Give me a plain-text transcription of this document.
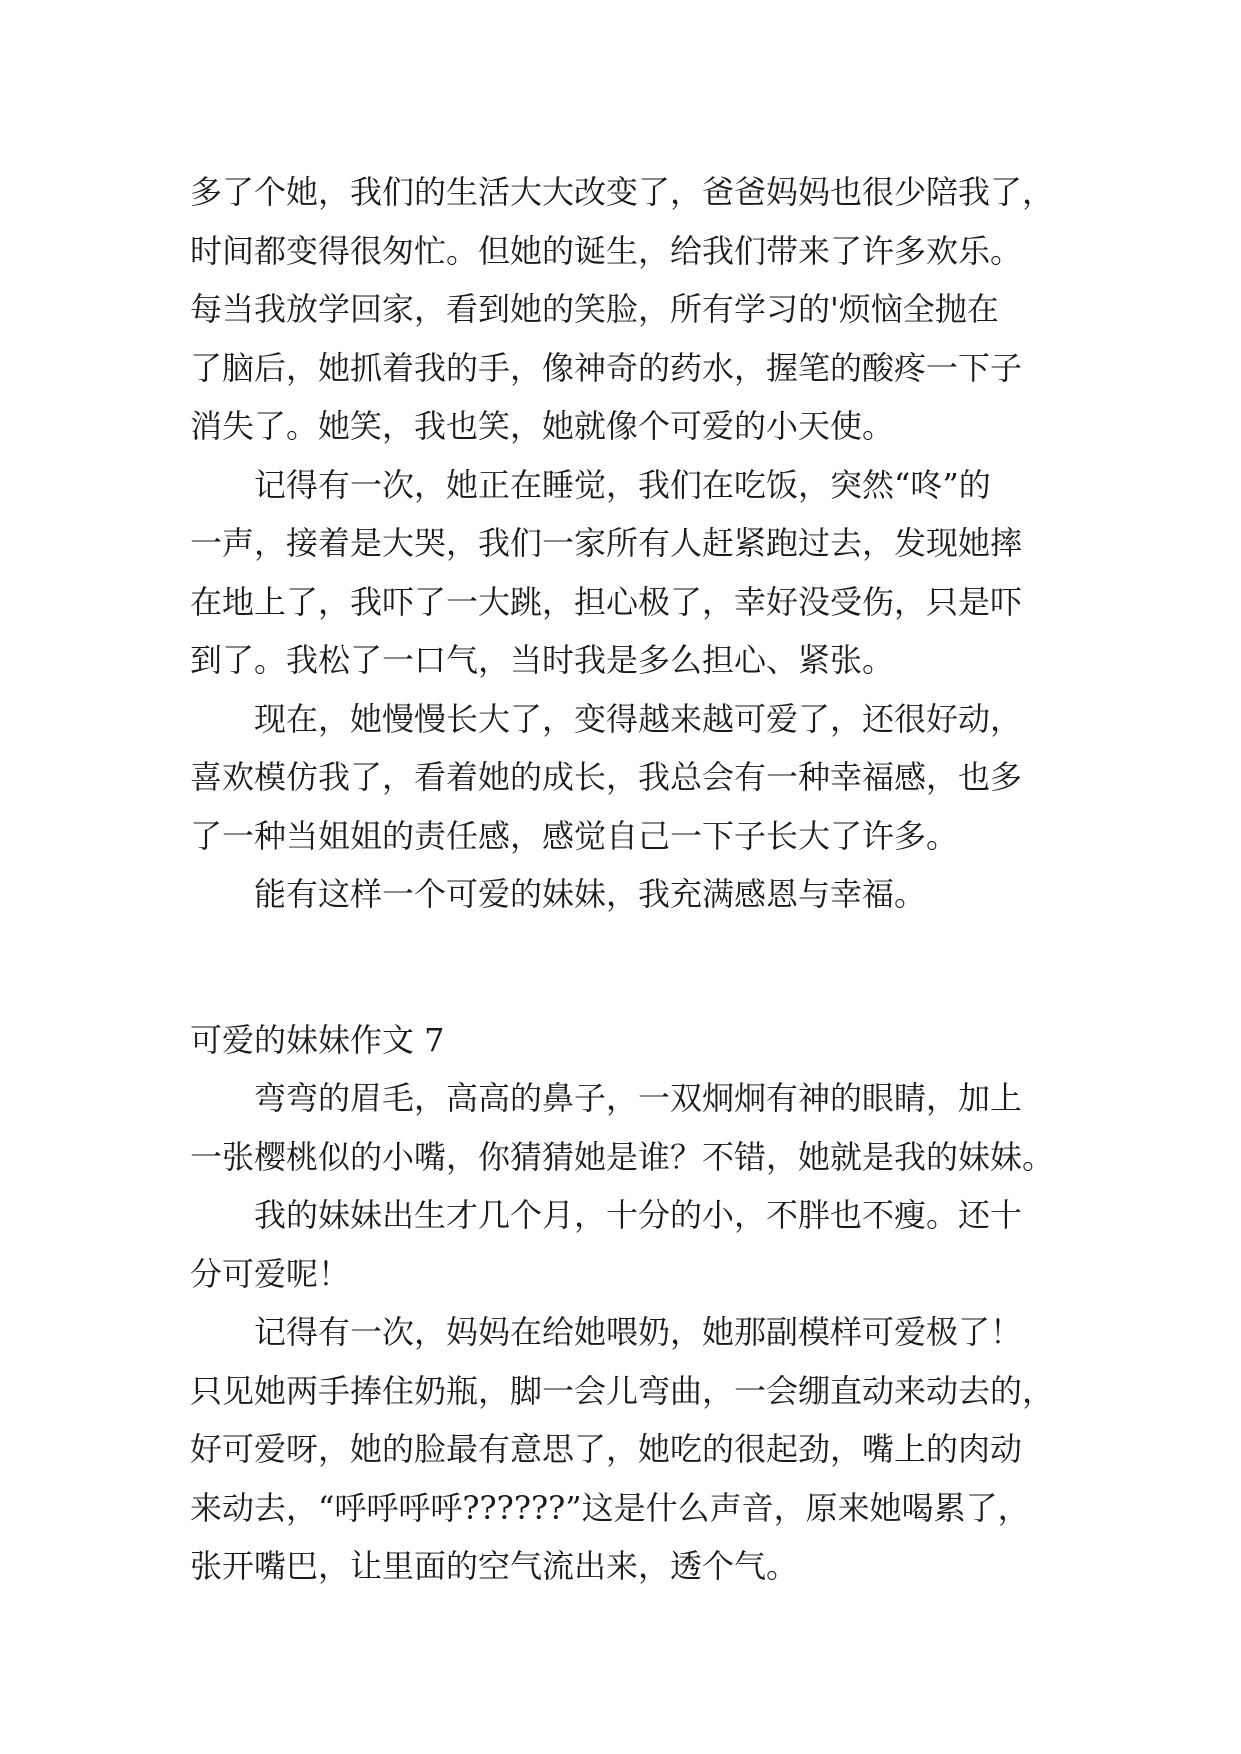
多了个她，我们的生活大大改变了，爸爸妈妈也很少陪我了，
时间都变得很匆忙。但她的诞生，给我们带来了许多欢乐。
每当我放学回家，看到她的笑脸，所有学习的'烦恼全抛在
了脑后，她抓着我的手，像神奇的药水，握笔的酸疼一下子
消失了。她笑，我也笑，她就像个可爱的小天使。
记得有一次，她正在睡觉，我们在吃饭，突然“咚”的
一声，接着是大哭，我们一家所有人赶紧跑过去，发现她摔
在地上了，我吓了一大跳，担心极了，幸好没受伤，只是吓
到了。我松了一口气，当时我是多么担心、紧张。
现在，她慢慢长大了，变得越来越可爱了，还很好动，
喜欢模仿我了，看着她的成长，我总会有一种幸福感，也多
了一种当姐姐的责任感，感觉自己一下子长大了许多。
能有这样一个可爱的妹妹，我充满感恩与幸福。
可爱的妹妹作文 7
弯弯的眉毛，高高的鼻子，一双炯炯有神的眼睛，加上
一张樱桃似的小嘴，你猜猜她是谁？不错，她就是我的妹妹。
我的妹妹出生才几个月，十分的小，不胖也不瘦。还十
分可爱呢！
记得有一次，妈妈在给她喂奶，她那副模样可爱极了！
只见她两手捧住奶瓶，脚一会儿弯曲，一会绷直动来动去的，
好可爱呀，她的脸最有意思了，她吃的很起劲，嘴上的肉动
来动去，“呼呼呼呼??????”这是什么声音，原来她喝累了，
张开嘴巴，让里面的空气流出来，透个气。
